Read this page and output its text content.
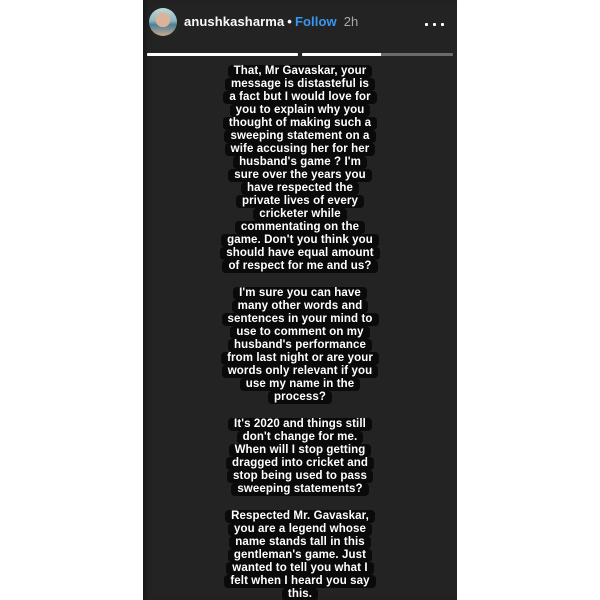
anushkasharma • Follow 2h
That, Mr Gavaskar, your
message is distasteful is
a fact but I would love for
you to explain why you
thought of making such a
sweeping statement on a
wife accusing her for her
husband's game ? I'm
sure over the years you
have respected the
private lives of every
cricketer while
commentating on the
game. Don't you think you
should have equal amount
of respect for me and us?
I'm sure you can have
many other words and
sentences in your mind to
use to comment on my
husband's performance
from last night or are your
words only relevant if you
use my name in the
process?
It's 2020 and things still
don't change for me.
When will I stop getting
dragged into cricket and
stop being used to pass
sweeping statements?
Respected Mr. Gavaskar,
you are a legend whose
name stands tall in this
gentleman's game. Just
wanted to tell you what I
felt when I heard you say
this.
